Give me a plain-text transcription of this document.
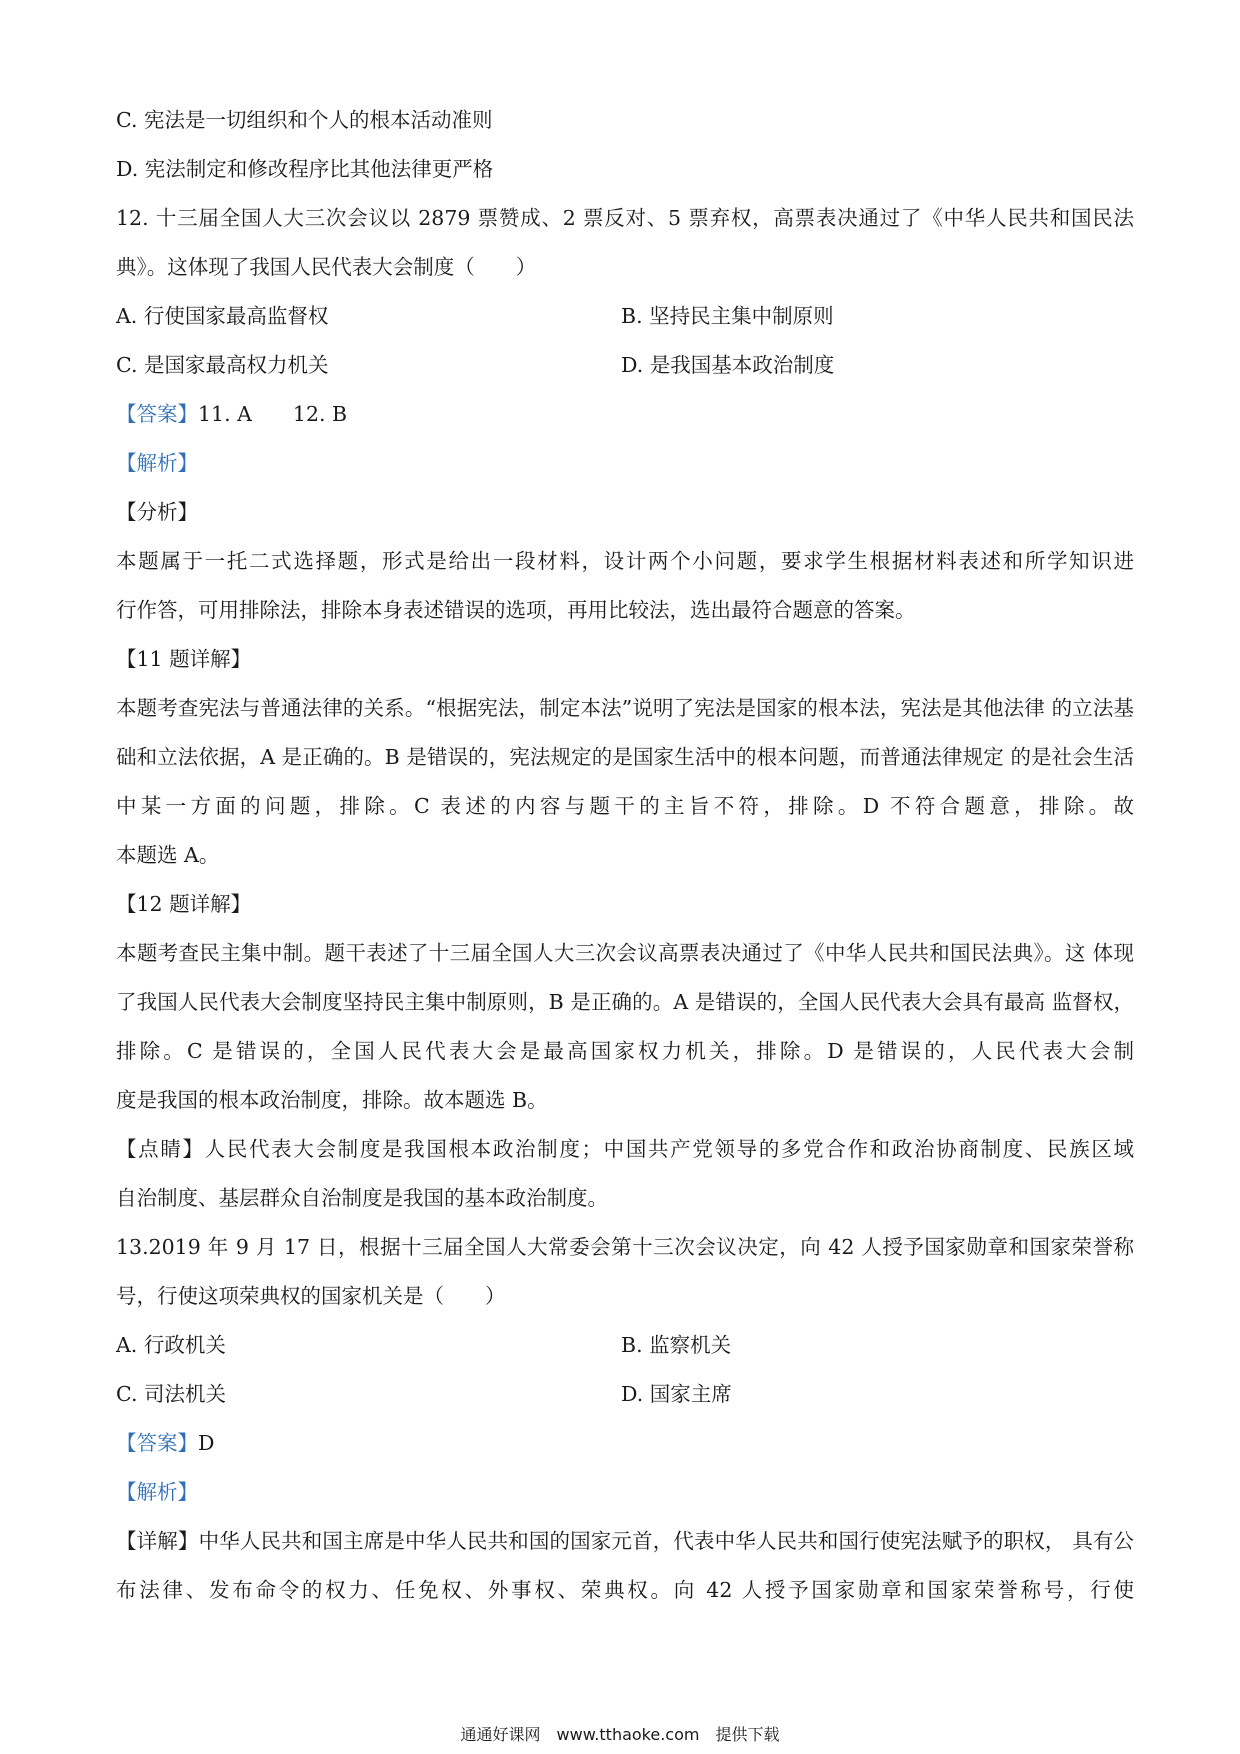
C. 宪法是一切组织和个人的根本活动准则
D. 宪法制定和修改程序比其他法律更严格
12. 十三届全国人大三次会议以 2879 票赞成、2 票反对、5 票弃权，高票表决通过了《中华人民共和国民法
典》。这体现了我国人民代表大会制度（　　）
A. 行使国家最高监督权	B. 坚持民主集中制原则
C. 是国家最高权力机关	D. 是我国基本政治制度
【答案】11. A　　12. B
【解析】
【分析】
本题属于一托二式选择题，形式是给出一段材料，设计两个小问题，要求学生根据材料表述和所学知识进
行作答，可用排除法，排除本身表述错误的选项，再用比较法，选出最符合题意的答案。
【11 题详解】
本题考查宪法与普通法律的关系。“根据宪法，制定本法”说明了宪法是国家的根本法，宪法是其他法律 的立法基础和立法依据，A 是正确的。B 是错误的，宪法规定的是国家生活中的根本问题，而普通法律规定 的是社会生活中某一方面的问题，排除。C 表述的内容与题干的主旨不符，排除。D 不符合题意，排除。故
本题选 A。
【12 题详解】
本题考查民主集中制。题干表述了十三届全国人大三次会议高票表决通过了《中华人民共和国民法典》。这 体现了我国人民代表大会制度坚持民主集中制原则，B 是正确的。A 是错误的，全国人民代表大会具有最高 监督权，排除。C 是错误的，全国人民代表大会是最高国家权力机关，排除。D 是错误的，人民代表大会制
度是我国的根本政治制度，排除。故本题选 B。
【点睛】人民代表大会制度是我国根本政治制度；中国共产党领导的多党合作和政治协商制度、民族区域
自治制度、基层群众自治制度是我国的基本政治制度。
13.2019 年 9 月 17 日，根据十三届全国人大常委会第十三次会议决定，向 42 人授予国家勋章和国家荣誉称
号，行使这项荣典权的国家机关是（　　）
A. 行政机关	B. 监察机关
C. 司法机关	D. 国家主席
【答案】D
【解析】
【详解】中华人民共和国主席是中华人民共和国的国家元首，代表中华人民共和国行使宪法赋予的职权， 具有公布法律、发布命令的权力、任免权、外事权、荣典权。向 42 人授予国家勋章和国家荣誉称号，行使
通通好课网　www.tthaoke.com　提供下载
